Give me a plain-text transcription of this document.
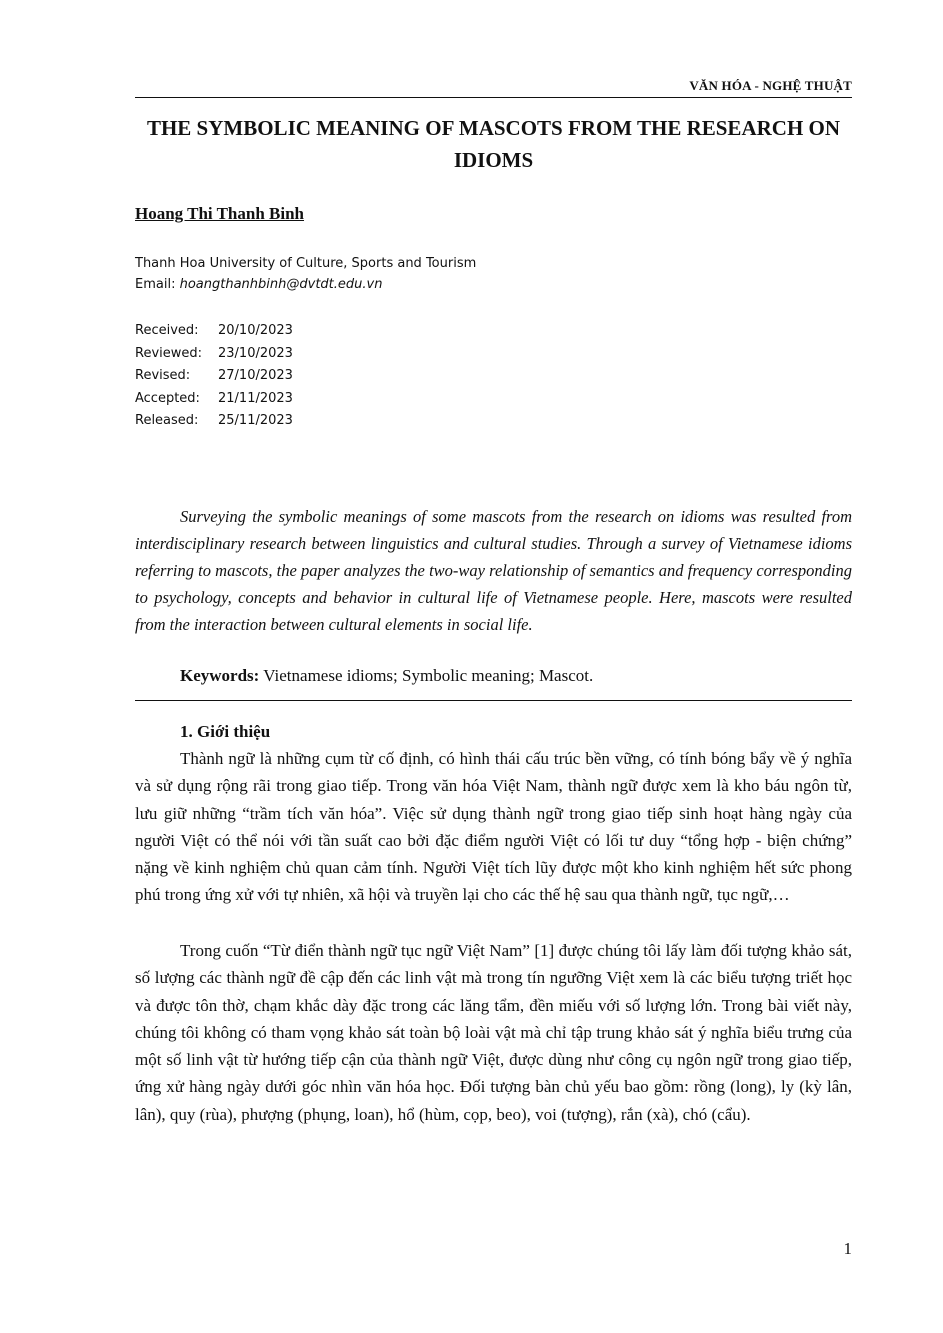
VĂN HÓA - NGHỆ THUẬT
THE SYMBOLIC MEANING OF MASCOTS FROM THE RESEARCH ON IDIOMS
Hoang Thi Thanh Binh
Thanh Hoa University of Culture, Sports and Tourism
Email: hoangthanhbinh@dvtdt.edu.vn
Received:	20/10/2023
Reviewed:	23/10/2023
Revised:	27/10/2023
Accepted:	21/11/2023
Released:	25/11/2023

Surveying the symbolic meanings of some mascots from the research on idioms was resulted from interdisciplinary research between linguistics and cultural studies. Through a survey of Vietnamese idioms referring to mascots, the paper analyzes the two-way relationship of semantics and frequency corresponding to psychology, concepts and behavior in cultural life of Vietnamese people. Here, mascots were resulted from the interaction between cultural elements in social life.

Keywords: Vietnamese idioms; Symbolic meaning; Mascot.
1. Giới thiệu

Thành ngữ là những cụm từ cố định, có hình thái cấu trúc bền vững, có tính bóng bẩy về ý nghĩa và sử dụng rộng rãi trong giao tiếp. Trong văn hóa Việt Nam, thành ngữ được xem là kho báu ngôn từ, lưu giữ những “trầm tích văn hóa”. Việc sử dụng thành ngữ trong giao tiếp sinh hoạt hàng ngày của người Việt có thể nói với tần suất cao bởi đặc điểm người Việt có lối tư duy “tổng hợp - biện chứng” nặng về kinh nghiệm chủ quan cảm tính. Người Việt tích lũy được một kho kinh nghiệm hết sức phong phú trong ứng xử với tự nhiên, xã hội và truyền lại cho các thế hệ sau qua thành ngữ, tục ngữ,…

Trong cuốn “Từ điển thành ngữ tục ngữ Việt Nam” [1] được chúng tôi lấy làm đối tượng khảo sát, số lượng các thành ngữ đề cập đến các linh vật mà trong tín ngưỡng Việt xem là các biểu tượng triết học và được tôn thờ, chạm khắc dày đặc trong các lăng tẩm, đền miếu với số lượng lớn. Trong bài viết này, chúng tôi không có tham vọng khảo sát toàn bộ loài vật mà chỉ tập trung khảo sát ý nghĩa biểu trưng của một số linh vật từ hướng tiếp cận của thành ngữ Việt, được dùng như công cụ ngôn ngữ trong giao tiếp, ứng xử hàng ngày dưới góc nhìn văn hóa học. Đối tượng bàn chủ yếu bao gồm: rồng (long), ly (kỳ lân, lân), quy (rùa), phượng (phụng, loan), hổ (hùm, cọp, beo), voi (tượng), rắn (xà), chó (cẩu).

1
